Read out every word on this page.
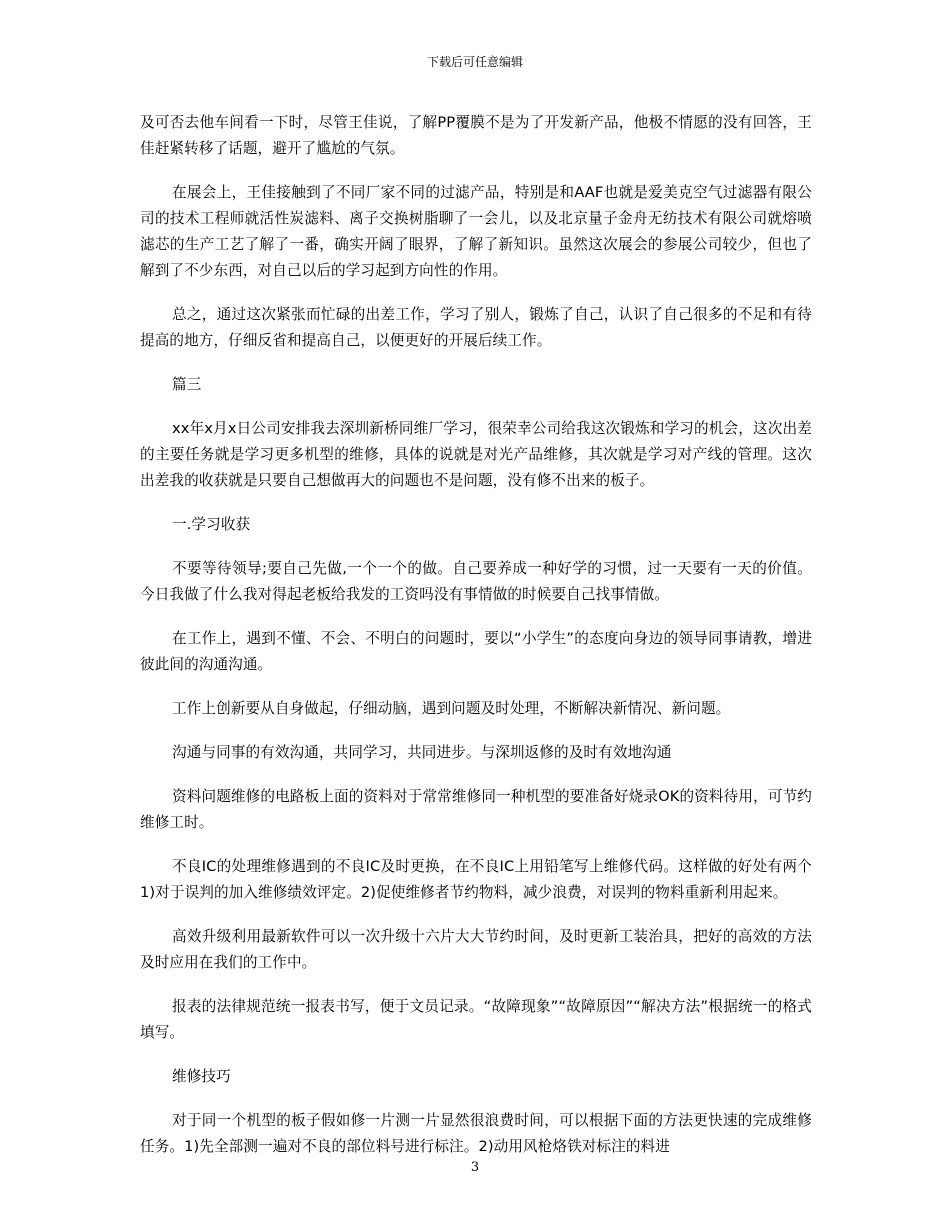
下载后可任意编辑

及可否去他车间看一下时，尽管王佳说，了解PP覆膜不是为了开发新产品，他极不情愿的没有回答，王佳赶紧转移了话题，避开了尴尬的气氛。

在展会上，王佳接触到了不同厂家不同的过滤产品，特别是和AAF也就是爱美克空气过滤器有限公司的技术工程师就活性炭滤料、离子交换树脂聊了一会儿，以及北京量子金舟无纺技术有限公司就熔喷滤芯的生产工艺了解了一番，确实开阔了眼界，了解了新知识。虽然这次展会的参展公司较少，但也了解到了不少东西，对自己以后的学习起到方向性的作用。

总之，通过这次紧张而忙碌的出差工作，学习了别人，锻炼了自己，认识了自己很多的不足和有待提高的地方，仔细反省和提高自己，以便更好的开展后续工作。

篇三

xx年x月x日公司安排我去深圳新桥同维厂学习，很荣幸公司给我这次锻炼和学习的机会，这次出差的主要任务就是学习更多机型的维修，具体的说就是对光产品维修，其次就是学习对产线的管理。这次出差我的收获就是只要自己想做再大的问题也不是问题，没有修不出来的板子。

一.学习收获

不要等待领导;要自己先做,一个一个的做。自己要养成一种好学的习惯，过一天要有一天的价值。今日我做了什么我对得起老板给我发的工资吗没有事情做的时候要自己找事情做。

在工作上，遇到不懂、不会、不明白的问题时，要以“小学生”的态度向身边的领导同事请教，增进彼此间的沟通沟通。

工作上创新要从自身做起，仔细动脑，遇到问题及时处理，不断解决新情况、新问题。

沟通与同事的有效沟通，共同学习，共同进步。与深圳返修的及时有效地沟通

资料问题维修的电路板上面的资料对于常常维修同一种机型的要准备好烧录OK的资料待用，可节约维修工时。

不良IC的处理维修遇到的不良IC及时更换，在不良IC上用铅笔写上维修代码。这样做的好处有两个1)对于误判的加入维修绩效评定。2)促使维修者节约物料，减少浪费，对误判的物料重新利用起来。

高效升级利用最新软件可以一次升级十六片大大节约时间，及时更新工装治具，把好的高效的方法及时应用在我们的工作中。

报表的法律规范统一报表书写，便于文员记录。“故障现象”“故障原因”“解决方法”根据统一的格式填写。

维修技巧

对于同一个机型的板子假如修一片测一片显然很浪费时间，可以根据下面的方法更快速的完成维修任务。1)先全部测一遍对不良的部位料号进行标注。2)动用风枪烙铁对标注的料进

3
